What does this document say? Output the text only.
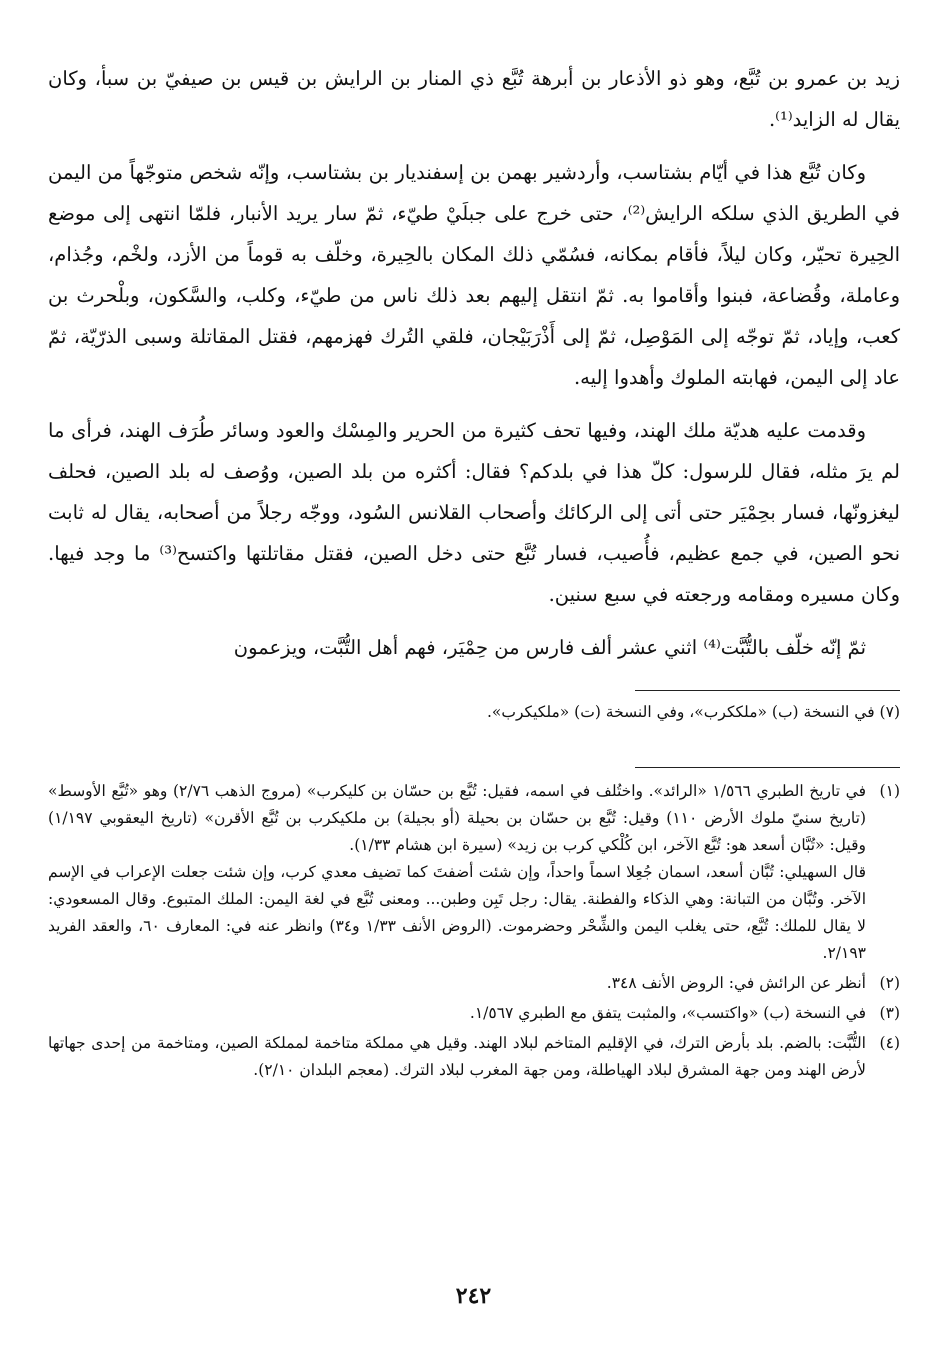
زيد بن عمرو بن تُبَّع، وهو ذو الأذعار بن أبرهة تُبَّع ذي المنار بن الرايش بن قيس بن صيفيّ بن سبأ، وكان يقال له الزايد⁽¹⁾.

وكان تُبَّع هذا في أيّام بشتاسب، وأردشير بهمن بن إسفنديار بن بشتاسب، وإنّه شخص متوجّهاً من اليمن في الطريق الذي سلكه الرايش⁽²⁾، حتى خرج على جبلَيْ طيّء، ثمّ سار يريد الأنبار، فلمّا انتهى إلى موضع الحِيرة تحيّر، وكان ليلاً، فأقام بمكانه، فسُمّي ذلك المكان بالحِيرة، وخلّف به قوماً من الأزد، ولخْم، وجُذام، وعاملة، وقُضاعة، فبنوا وأقاموا به. ثمّ انتقل إليهم بعد ذلك ناس من طيّء، وكلب، والسَّكون، وبلْحرث بن كعب، وإياد، ثمّ توجّه إلى المَوْصِل، ثمّ إلى أَذْرَبَيْجان، فلقي التُرك فهزمهم، فقتل المقاتلة وسبى الذرّيّة، ثمّ عاد إلى اليمن، فهابته الملوك وأهدوا إليه.

وقدمت عليه هديّة ملك الهند، وفيها تحف كثيرة من الحرير والمِسْك والعود وسائر طُرَف الهند، فرأى ما لم يرَ مثله، فقال للرسول: كلّ هذا في بلدكم؟ فقال: أكثره من بلد الصين، ووُصف له بلد الصين، فحلف ليغزونّها، فسار بحِمْيَر حتى أتى إلى الركائك وأصحاب القلانس السُود، ووجّه رجلاً من أصحابه، يقال له ثابت نحو الصين، في جمع عظيم، فأُصيب، فسار تُبَّع حتى دخل الصين، فقتل مقاتلتها واكتسح⁽³⁾ ما وجد فيها. وكان مسيره ومقامه ورجعته في سبع سنين.

ثمّ إنّه خلّف بالتُّبَّت⁽⁴⁾ اثني عشر ألف فارس من حِمْيَر، فهم أهل التُّبَّت، ويزعمون

(٧) في النسخة (ب) «ملككرب»، وفي النسخة (ت) «ملكيكرب».

(١)

في تاريخ الطبري ١/٥٦٦ «الرائد». واختُلف في اسمه، فقيل: تُبَّع بن حسّان بن كليكرب» (مروج الذهب ٢/٧٦) وهو «تُبَّع الأوسط» (تاريخ سنيّ ملوك الأرض ١١٠) وقيل: تُبَّع بن حسّان بن بحيلة (أو بجيلة) بن ملكيكرب بن تُبَّع الأقرن» (تاريخ اليعقوبي ١/١٩٧) وقيل: «تُبَّان أسعد هو: تُبَّع الآخر، ابن كُلْكي كرب بن زيد» (سيرة ابن هشام ١/٣٣).

قال السهيلي: تُبَّان أسعد، اسمان جُعِلا اسماً واحداً، وإن شئت أضفتَ كما تضيف معدي كرب، وإن شئت جعلت الإعراب في الإسم الآخر. وتُبَّان من التبانة: وهي الذكاء والفطنة. يقال: رجل تَبِن وطبن... ومعنى تُبَّع في لغة اليمن: الملك المتبوع. وقال المسعودي: لا يقال للملك: تُبَّع، حتى يغلب اليمن والشِّحْر وحضرموت. (الروض الأنف ١/٣٣ و٣٤) وانظر عنه في: المعارف ٦٠، والعقد الفريد ٢/١٩٣.

(٢)

أنظر عن الرائش في: الروض الأنف ٣٤٨.

(٣)

في النسخة (ب) «واكتسب»، والمثبت يتفق مع الطبري ١/٥٦٧.

(٤)

التُّبَّت: بالضم. بلد بأرض الترك، في الإقليم المتاخم لبلاد الهند. وقيل هي مملكة متاخمة لمملكة الصين، ومتاخمة من إحدى جهاتها لأرض الهند ومن جهة المشرق لبلاد الهياطلة، ومن جهة المغرب لبلاد الترك. (معجم البلدان ٢/١٠).

٢٤٢
